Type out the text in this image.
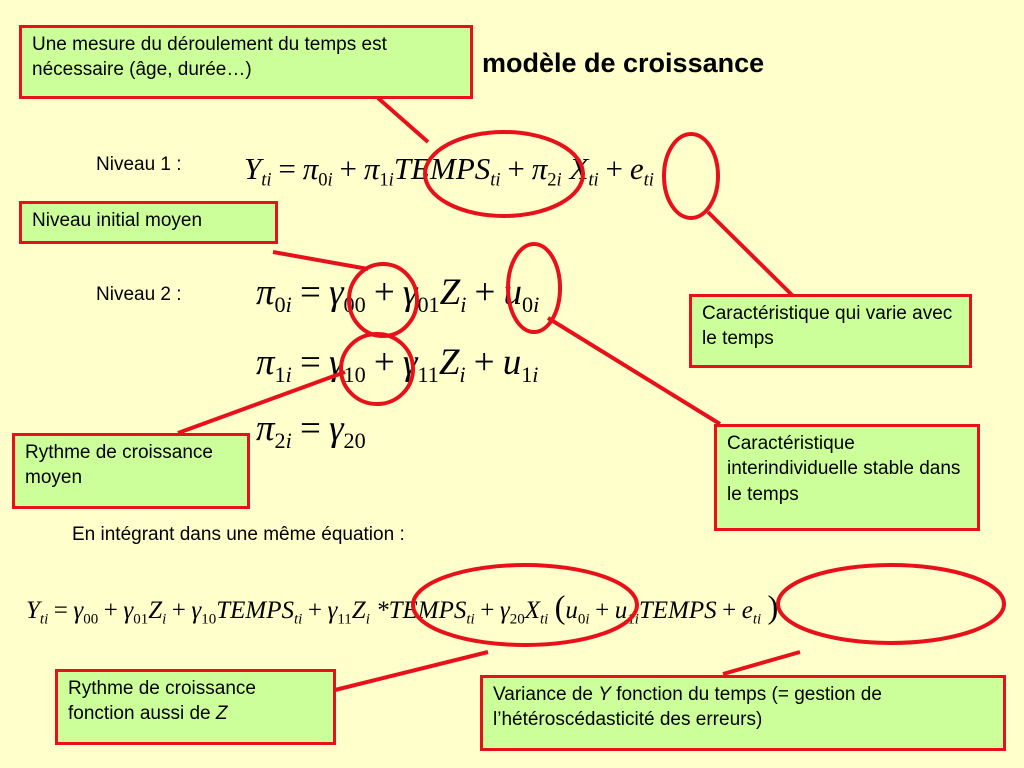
modèle de croissance
Niveau 1 :
Niveau 2 :
En intégrant dans une même équation :
$Y_{ti} = \pi_{0i}$ + $\pi_{1i}TEMPS_{ti} + \pi_{2i}$ $X_{ti} + e_{ti}$
$\pi_{0i} = \gamma_{00} + \gamma_{01}Z_i + u_{0i}$
$\pi_{1i} = \gamma_{10} + \gamma_{11}Z_i + u_{1i}$
$\pi_{2i} = \gamma_{20}$
$Y_{ti} = \gamma_{00} + \gamma_{01}Z_i$ + $\gamma_{10}TEMPS_{ti} + \gamma_{11}Z_i$ $*TEMPS_{ti} + \gamma_{20}X_{ti}$ ($u_{0i}$ + $u_{1i}TEMPS + e_{ti}$ )
Une mesure du déroulement du temps est nécessaire (âge, durée…)
Niveau initial moyen
Caractéristique qui varie avec le temps
Rythme de croissance moyen
Caractéristique interindividuelle stable dans le temps
Rythme de croissance fonction aussi de Z
Variance de Y fonction du temps (= gestion de l’hétéroscédasticité des erreurs)
